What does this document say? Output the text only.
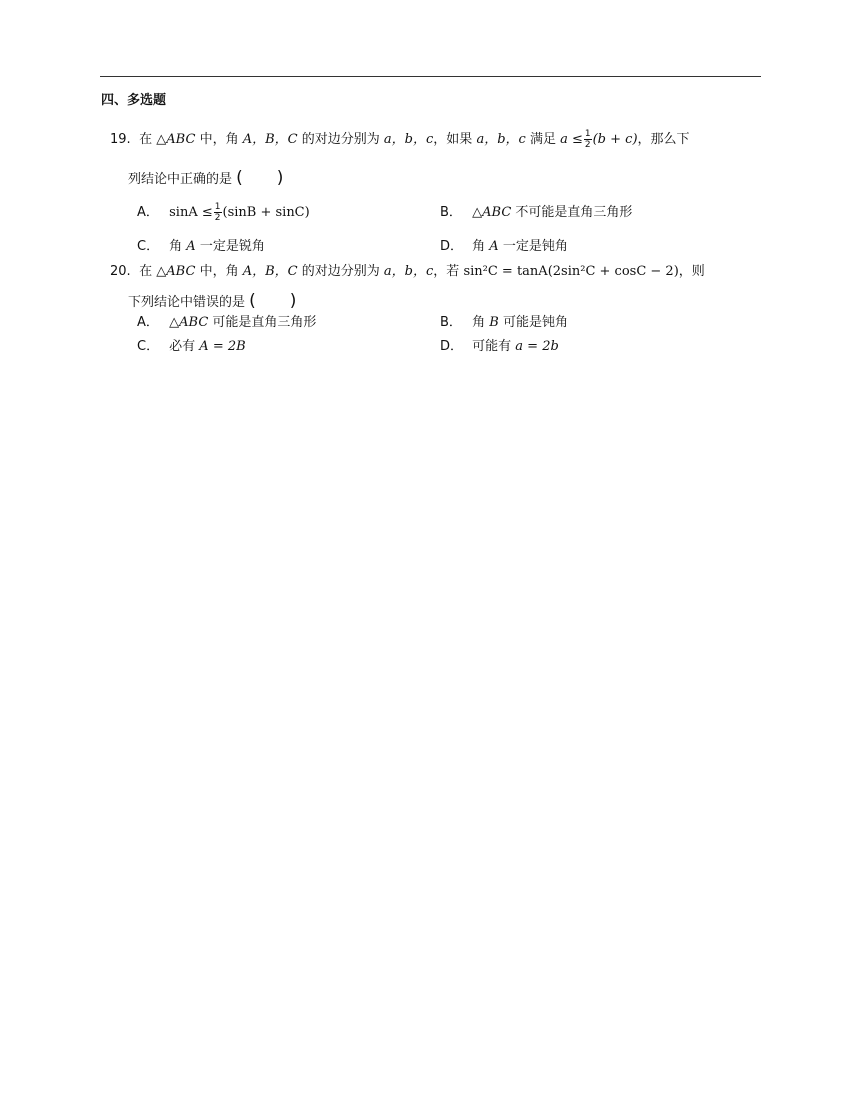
四、多选题
19. 在 △ABC 中，角 A，B，C 的对边分别为 a，b，c，如果 a，b，c 满足 $a \le \frac{1}{2} (b + c)$，那么下
列结论中正确的是 (　　)
A． $\sin A \le \frac{1}{2} (\sin B + \sin C)$	B． △ABC 不可能是直角三角形
C． 角 A 一定是锐角	D． 角 A 一定是钝角
20. 在 △ABC 中，角 A，B，C 的对边分别为 a，b，c，若 sin²C = tanA(2sin²C + cosC − 2)，则
下列结论中错误的是 (　　)
A． △ABC 可能是直角三角形	B． 角 B 可能是钝角
C． 必有 A = 2B	D． 可能有 a = 2b
